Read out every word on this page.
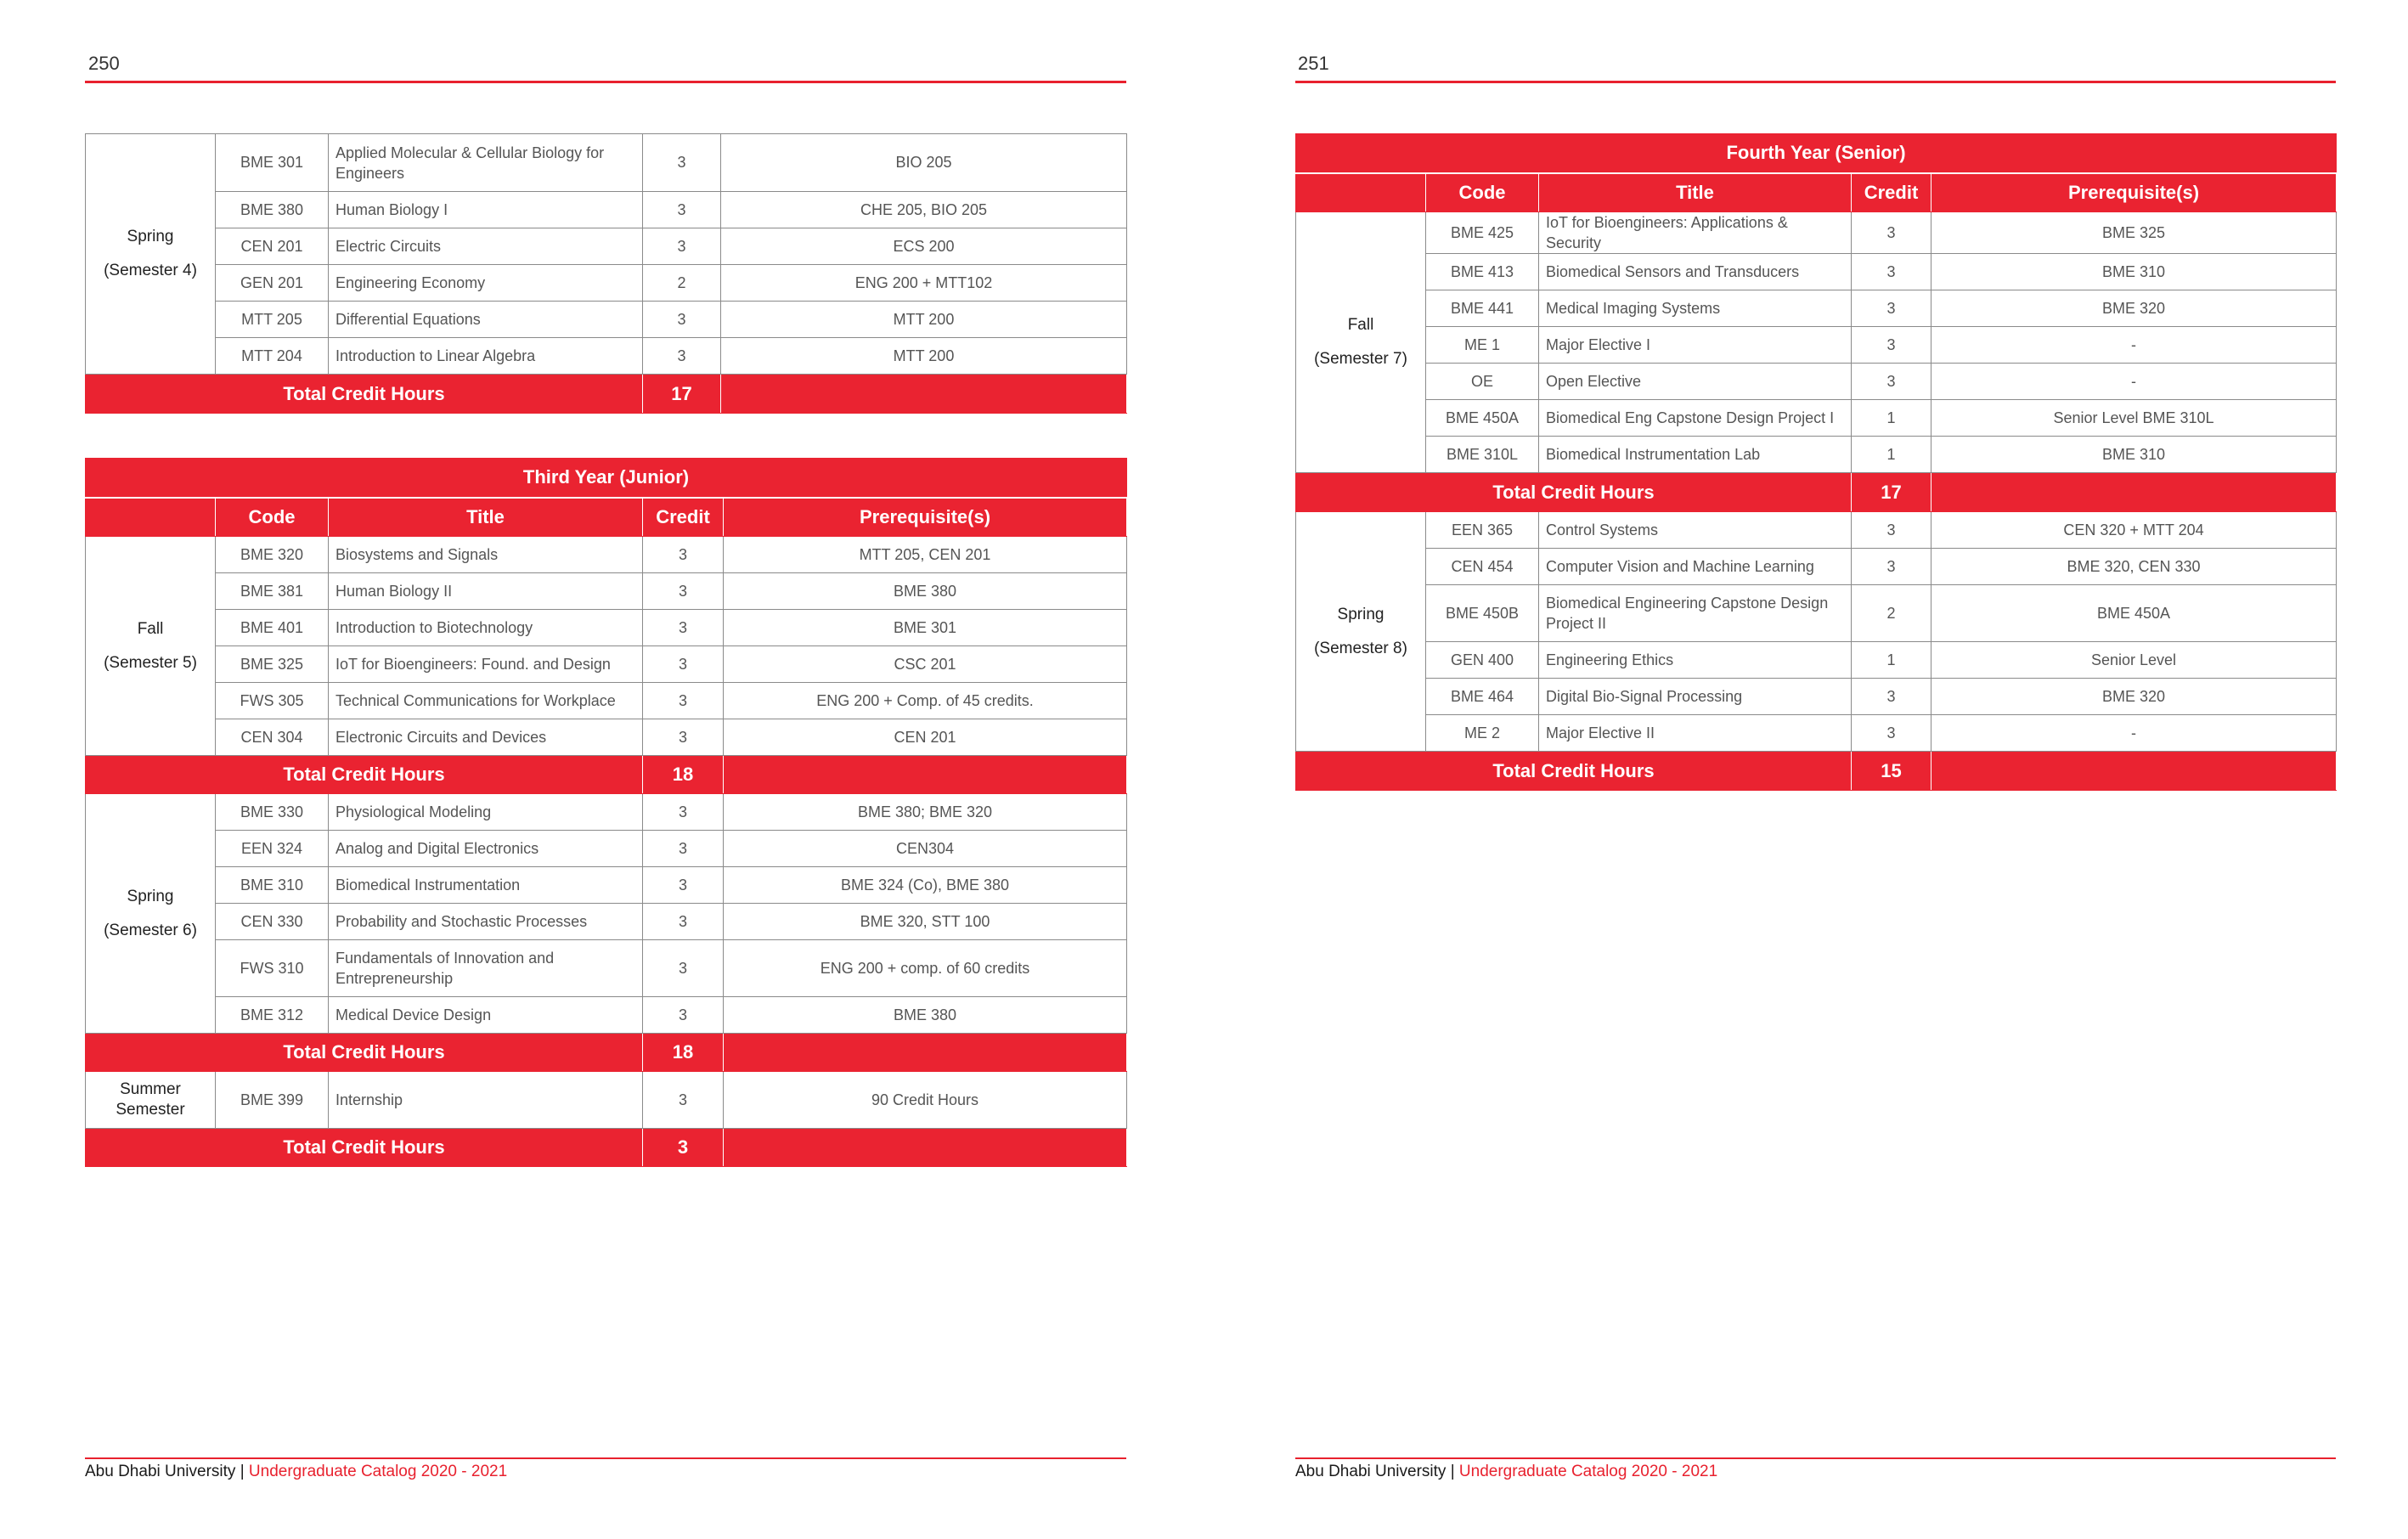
250
Spring
(Semester 4)	BME 301	Applied Molecular & Cellular Biology for Engineers	3	BIO 205
	BME 380	Human Biology I	3	CHE 205, BIO 205
	CEN 201	Electric Circuits	3	ECS 200
	GEN 201	Engineering Economy	2	ENG 200 + MTT102
	MTT 205	Differential Equations	3	MTT 200
	MTT 204	Introduction to Linear Algebra	3	MTT 200
Total Credit Hours			17	
Third Year (Junior)				
	Code	Title	Credit	Prerequisite(s)
Fall
(Semester 5)	BME 320	Biosystems and Signals	3	MTT 205, CEN 201
	BME 381	Human Biology II	3	BME 380
	BME 401	Introduction to Biotechnology	3	BME 301
	BME 325	IoT for Bioengineers: Found. and Design	3	CSC 201
	FWS 305	Technical Communications for Workplace	3	ENG 200 + Comp. of 45 credits.
	CEN 304	Electronic Circuits and Devices	3	CEN 201
Total Credit Hours			18	
Spring
(Semester 6)	BME 330	Physiological Modeling	3	BME 380; BME 320
	EEN 324	Analog and Digital Electronics	3	CEN304
	BME 310	Biomedical Instrumentation	3	BME 324 (Co), BME 380
	CEN 330	Probability and Stochastic Processes	3	BME 320, STT 100
	FWS 310	Fundamentals of Innovation and Entrepreneurship	3	ENG 200 + comp. of 60 credits
	BME 312	Medical Device Design	3	BME 380
Total Credit Hours			18	
Summer
Semester	BME 399	Internship	3	90 Credit Hours
Total Credit Hours			3	
Abu Dhabi University | Undergraduate Catalog 2020 - 2021
251
Fourth Year (Senior)				
	Code	Title	Credit	Prerequisite(s)
Fall
(Semester 7)	BME 425	IoT for Bioengineers: Applications & Security	3	BME 325
	BME 413	Biomedical Sensors and Transducers	3	BME 310
	BME 441	Medical Imaging Systems	3	BME 320
	ME 1	Major Elective I	3	-
	OE	Open Elective	3	-
	BME 450A	Biomedical Eng Capstone Design Project I	1	Senior Level BME 310L
	BME 310L	Biomedical Instrumentation Lab	1	BME 310
Total Credit Hours			17	
Spring
(Semester 8)	EEN 365	Control Systems	3	CEN 320 + MTT 204
	CEN 454	Computer Vision and Machine Learning	3	BME 320, CEN 330
	BME 450B	Biomedical Engineering Capstone Design Project II	2	BME 450A
	GEN 400	Engineering Ethics	1	Senior Level
	BME 464	Digital Bio-Signal Processing	3	BME 320
	ME 2	Major Elective II	3	-
Total Credit Hours			15	
Abu Dhabi University | Undergraduate Catalog 2020 - 2021
